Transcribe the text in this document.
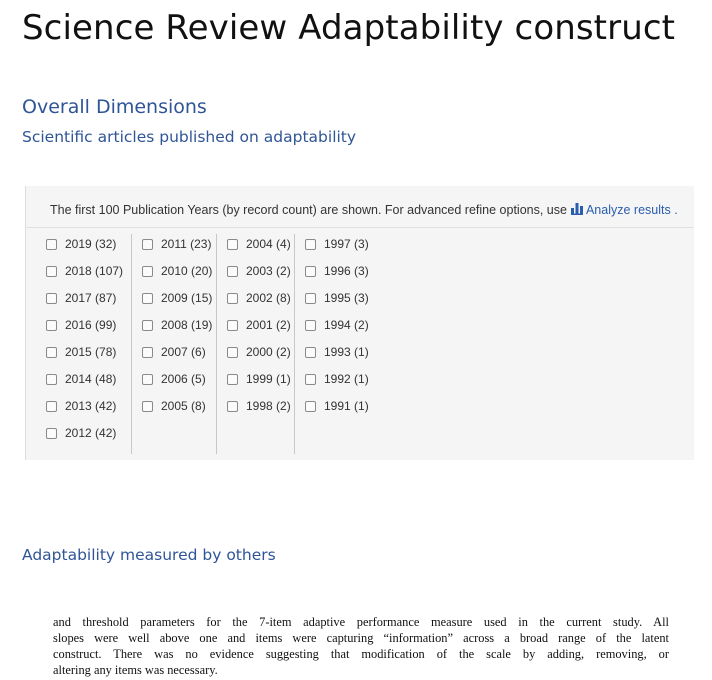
Science Review Adaptability construct
Overall Dimensions
Scientific articles published on adaptability
The first 100 Publication Years (by record count) are shown. For advanced refine options, use Analyze results .
2019 (32)
2018 (107)
2017 (87)
2016 (99)
2015 (78)
2014 (48)
2013 (42)
2012 (42)
2011 (23)
2010 (20)
2009 (15)
2008 (19)
2007 (6)
2006 (5)
2005 (8)
2004 (4)
2003 (2)
2002 (8)
2001 (2)
2000 (2)
1999 (1)
1998 (2)
1997 (3)
1996 (3)
1995 (3)
1994 (2)
1993 (1)
1992 (1)
1991 (1)
Adaptability measured by others
and threshold parameters for the 7-item adaptive performance measure used in the current study. All
slopes were well above one and items were capturing “information” across a broad range of the latent
construct. There was no evidence suggesting that modification of the scale by adding, removing, or
altering any items was necessary.
